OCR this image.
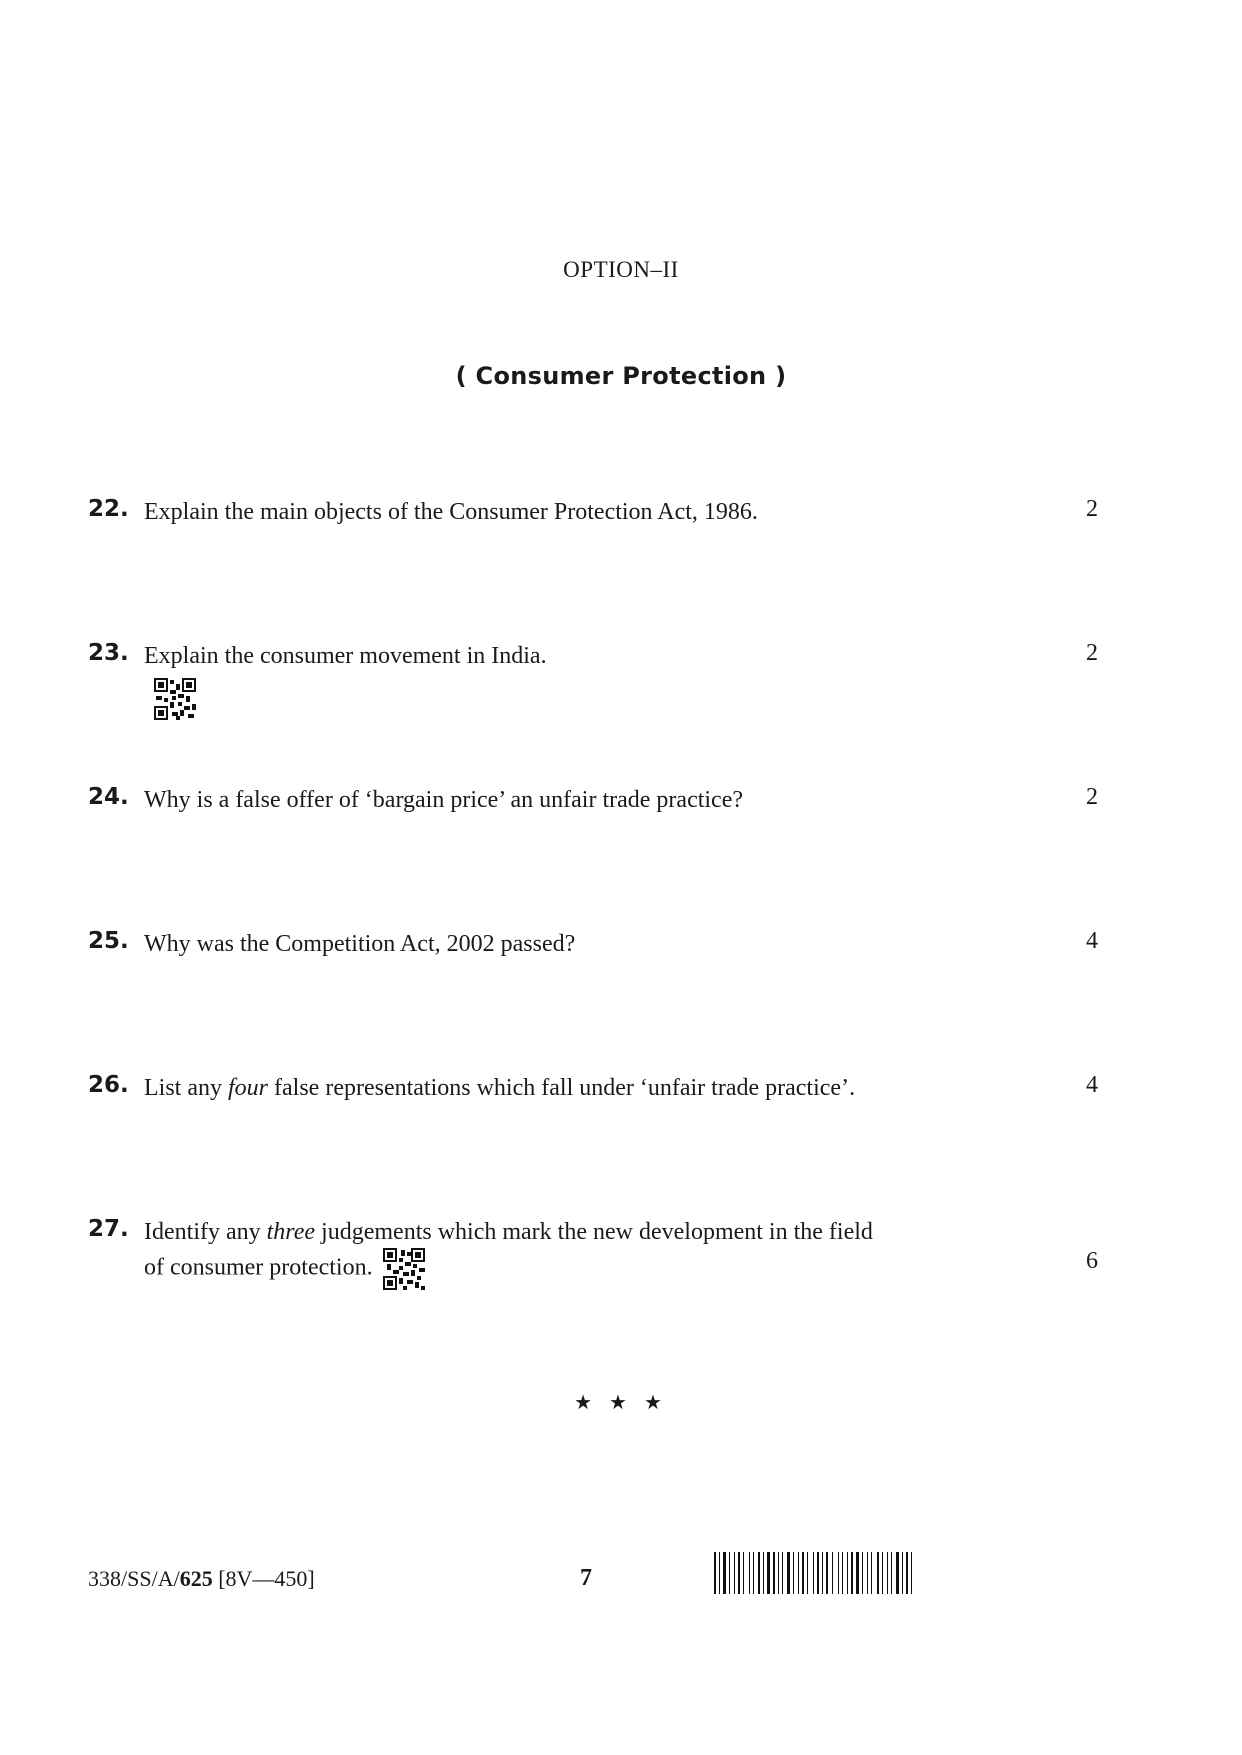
OPTION–II
( Consumer Protection )
22. Explain the main objects of the Consumer Protection Act, 1986.	2
23. Explain the consumer movement in India.	2
24. Why is a false offer of ‘bargain price’ an unfair trade practice?	2
25. Why was the Competition Act, 2002 passed?	4
26. List any four false representations which fall under ‘unfair trade practice’.	4
27. Identify any three judgements which mark the new development in the field
of consumer protection.	6
★ ★ ★
338/SS/A/625 [8V—450]	7
